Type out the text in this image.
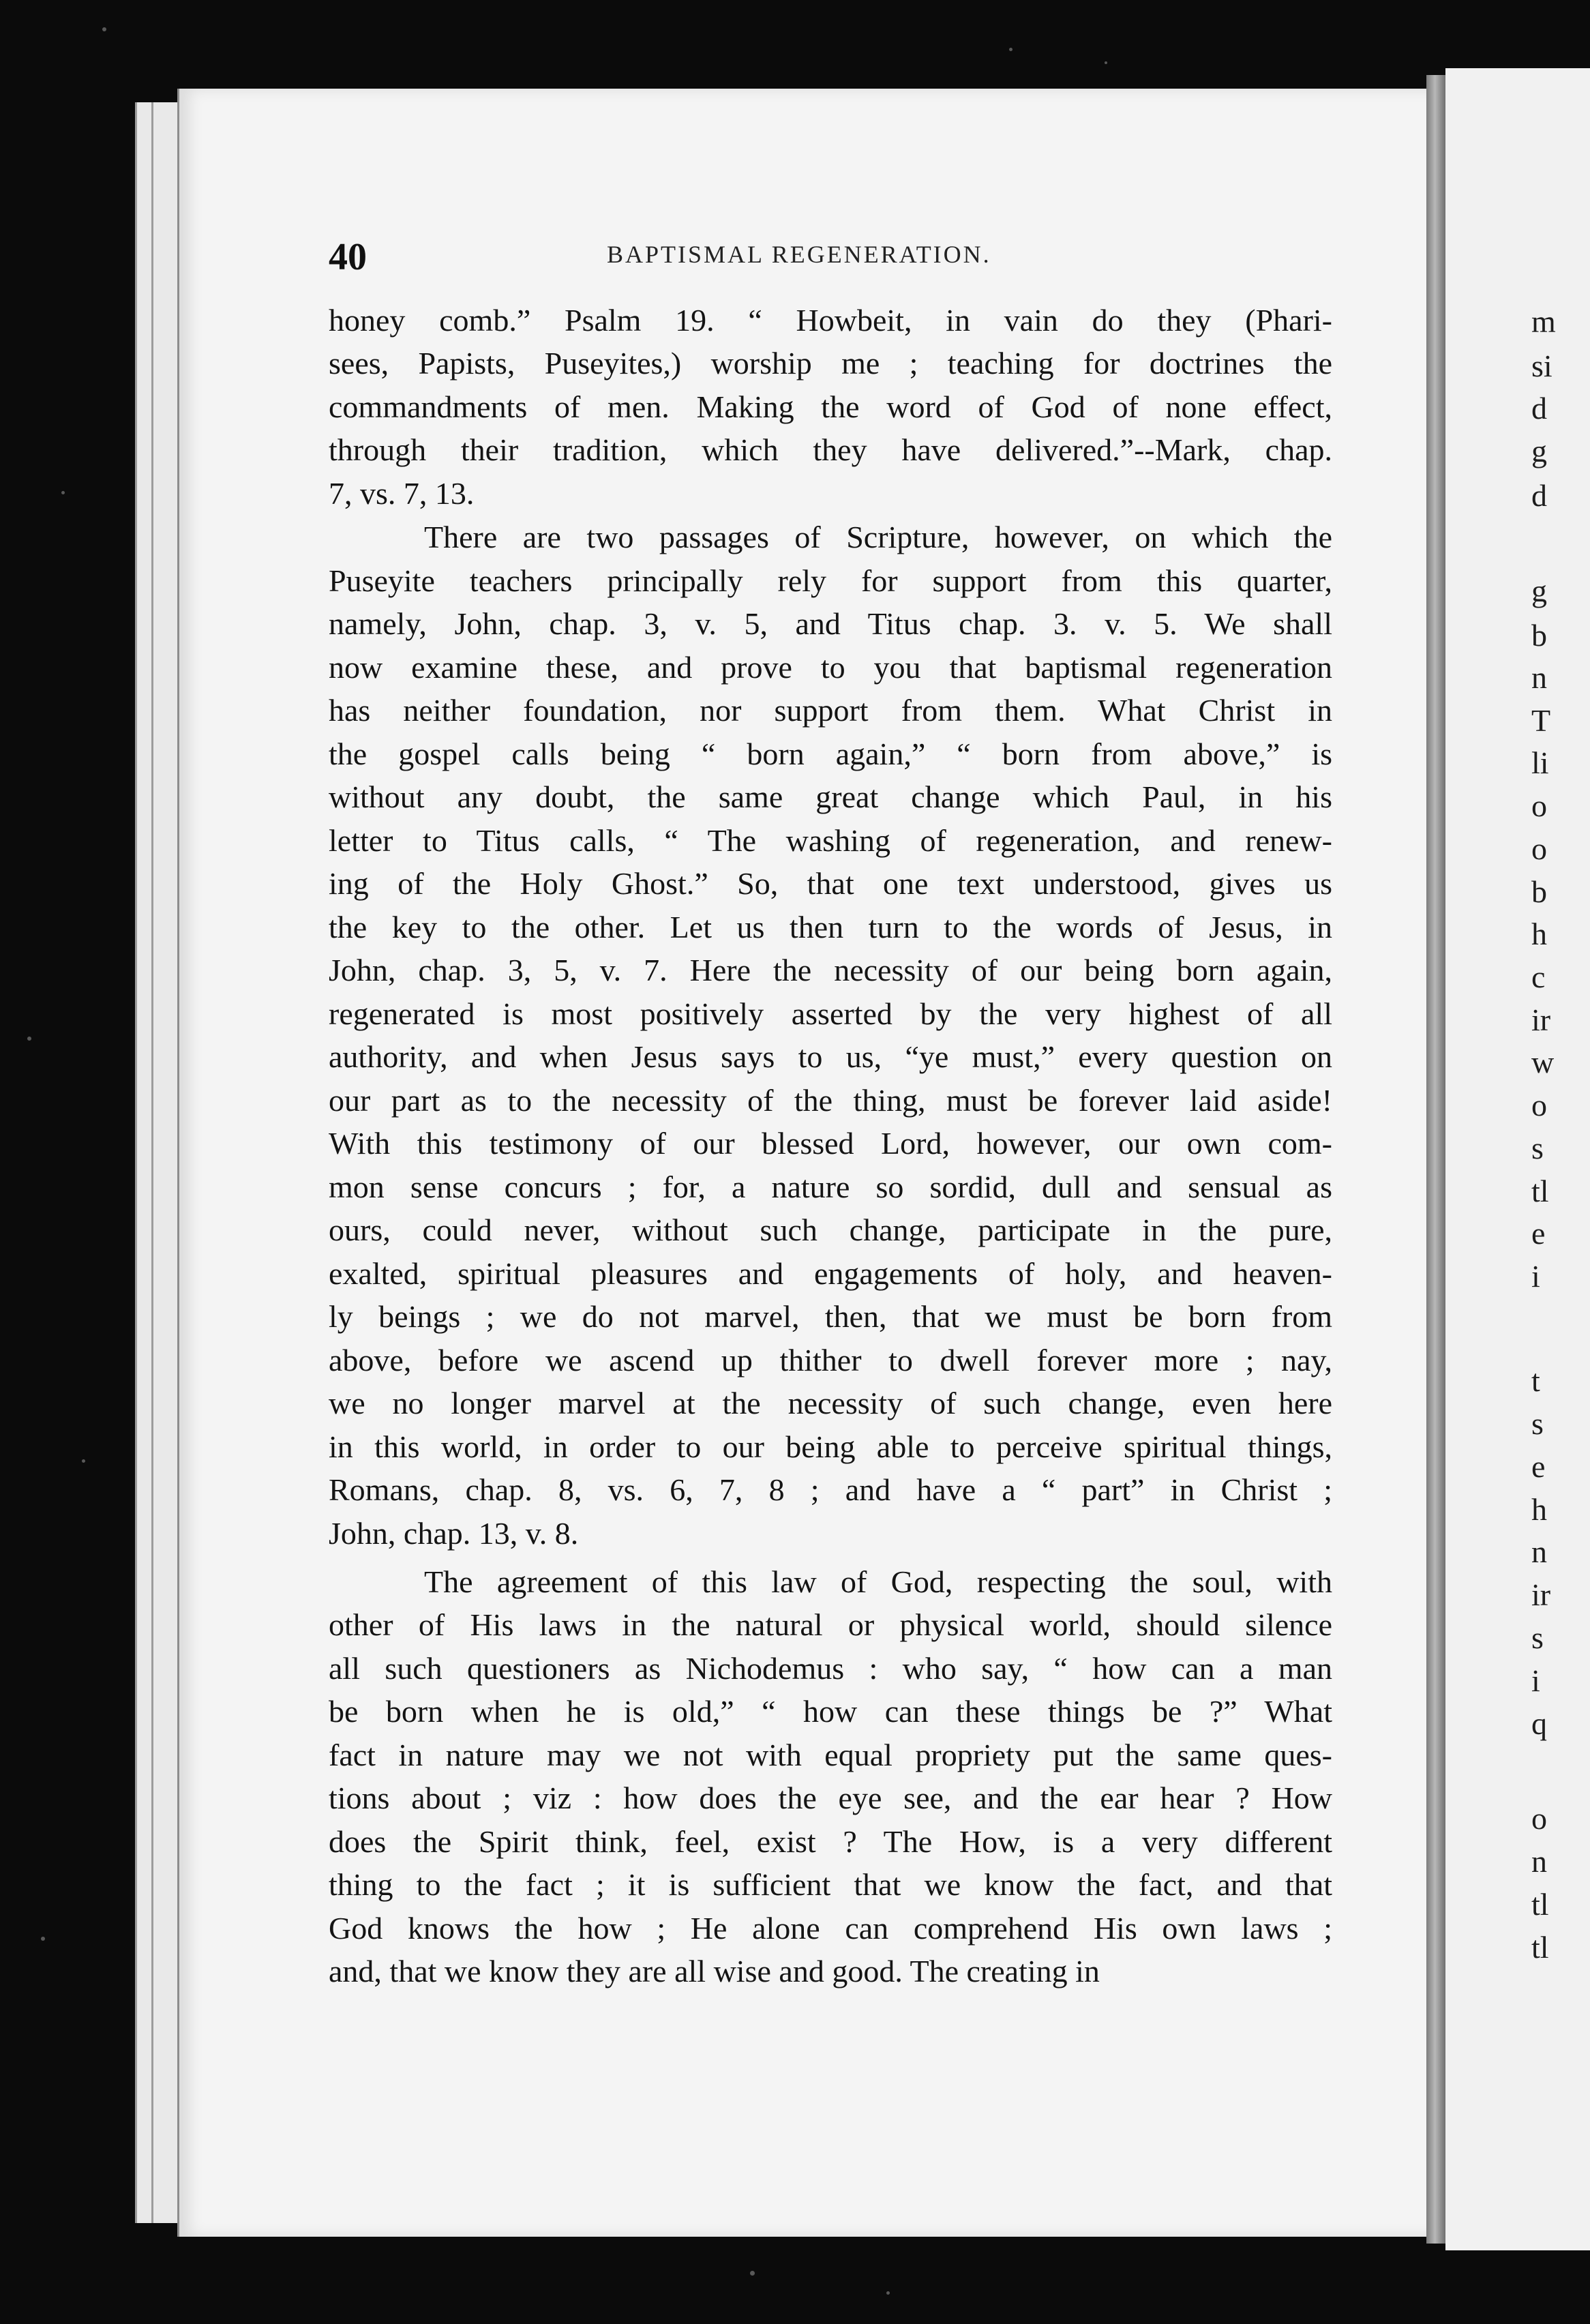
40	BAPTISMAL REGENERATION.
honey comb.” Psalm 19. “ Howbeit, in vain do they (Phari-
sees, Papists, Puseyites,) worship me ; teaching for doctrines the
commandments of men. Making the word of God of none effect,
through their tradition, which they have delivered.”--Mark, chap.
7, vs. 7, 13.
There are two passages of Scripture, however, on which the
Puseyite teachers principally rely for support from this quarter,
namely, John, chap. 3, v. 5, and Titus chap. 3. v. 5. We shall
now examine these, and prove to you that baptismal regeneration
has neither foundation, nor support from them. What Christ in
the gospel calls being “ born again,” “ born from above,” is
without any doubt, the same great change which Paul, in his
letter to Titus calls, “ The washing of regeneration, and renew-
ing of the Holy Ghost.” So, that one text understood, gives us
the key to the other. Let us then turn to the words of Jesus, in
John, chap. 3, 5, v. 7. Here the necessity of our being born again,
regenerated is most positively asserted by the very highest of all
authority, and when Jesus says to us, “ye must,” every question on
our part as to the necessity of the thing, must be forever laid aside!
With this testimony of our blessed Lord, however, our own com-
mon sense concurs ; for, a nature so sordid, dull and sensual as
ours, could never, without such change, participate in the pure,
exalted, spiritual pleasures and engagements of holy, and heaven-
ly beings ; we do not marvel, then, that we must be born from
above, before we ascend up thither to dwell forever more ; nay,
we no longer marvel at the necessity of such change, even here
in this world, in order to our being able to perceive spiritual things,
Romans, chap. 8, vs. 6, 7, 8 ; and have a “ part” in Christ ;
John, chap. 13, v. 8.
The agreement of this law of God, respecting the soul, with
other of His laws in the natural or physical world, should silence
all such questioners as Nichodemus : who say, “ how can a man
be born when he is old,” “ how can these things be ?” What
fact in nature may we not with equal propriety put the same ques-
tions about ; viz : how does the eye see, and the ear hear ? How
does the Spirit think, feel, exist ? The How, is a very different
thing to the fact ; it is sufficient that we know the fact, and that
God knows the how ; He alone can comprehend His own laws ;
and, that we know they are all wise and good. The creating in
m
si
d
g
d
g
b
n
T
li
o
o
b
h
c
ir
w
o
s
tl
e
i
t
s
e
h
n
ir
s
i
q
o
n
tl
tl
